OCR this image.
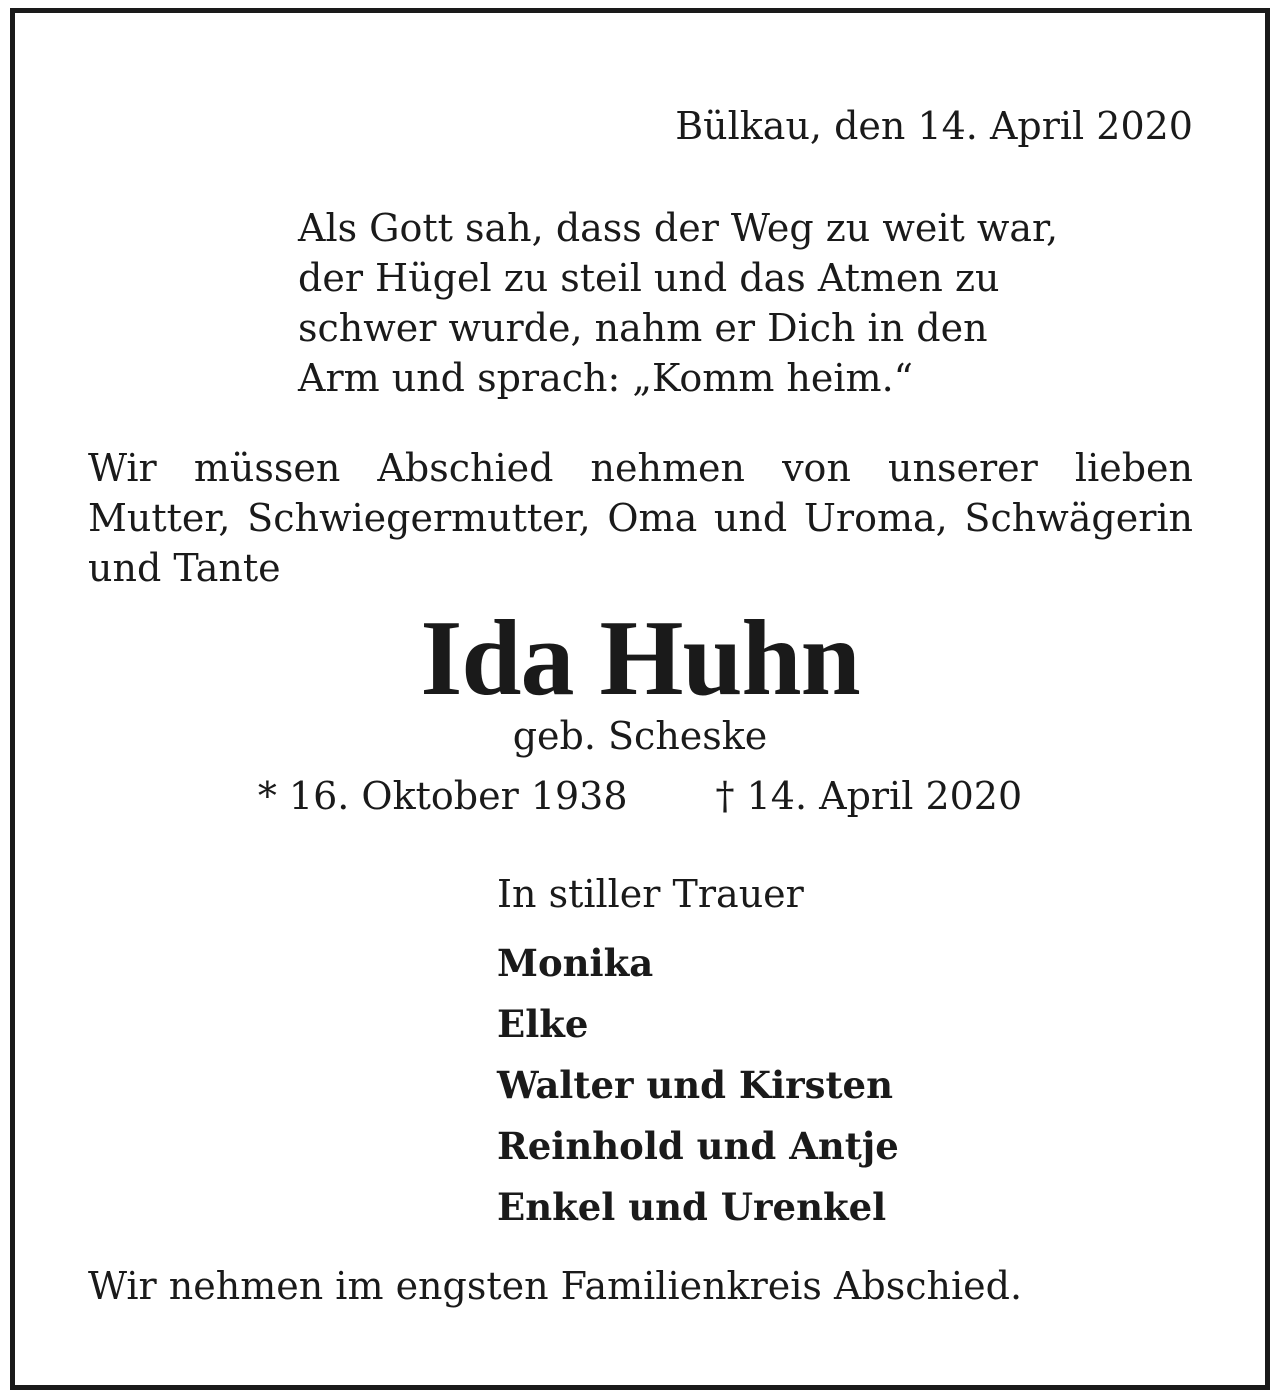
Bülkau, den 14. April 2020
Als Gott sah, dass der Weg zu weit war,
der Hügel zu steil und das Atmen zu
schwer wurde, nahm er Dich in den
Arm und sprach: „Komm heim.“
Wir müssen Abschied nehmen von unserer lieben
Mutter, Schwiegermutter, Oma und Uroma, Schwägerin
und Tante
Ida Huhn
geb. Scheske
* 16. Oktober 1938 † 14. April 2020
In stiller Trauer
Monika
Elke
Walter und Kirsten
Reinhold und Antje
Enkel und Urenkel
Wir nehmen im engsten Familienkreis Abschied.
